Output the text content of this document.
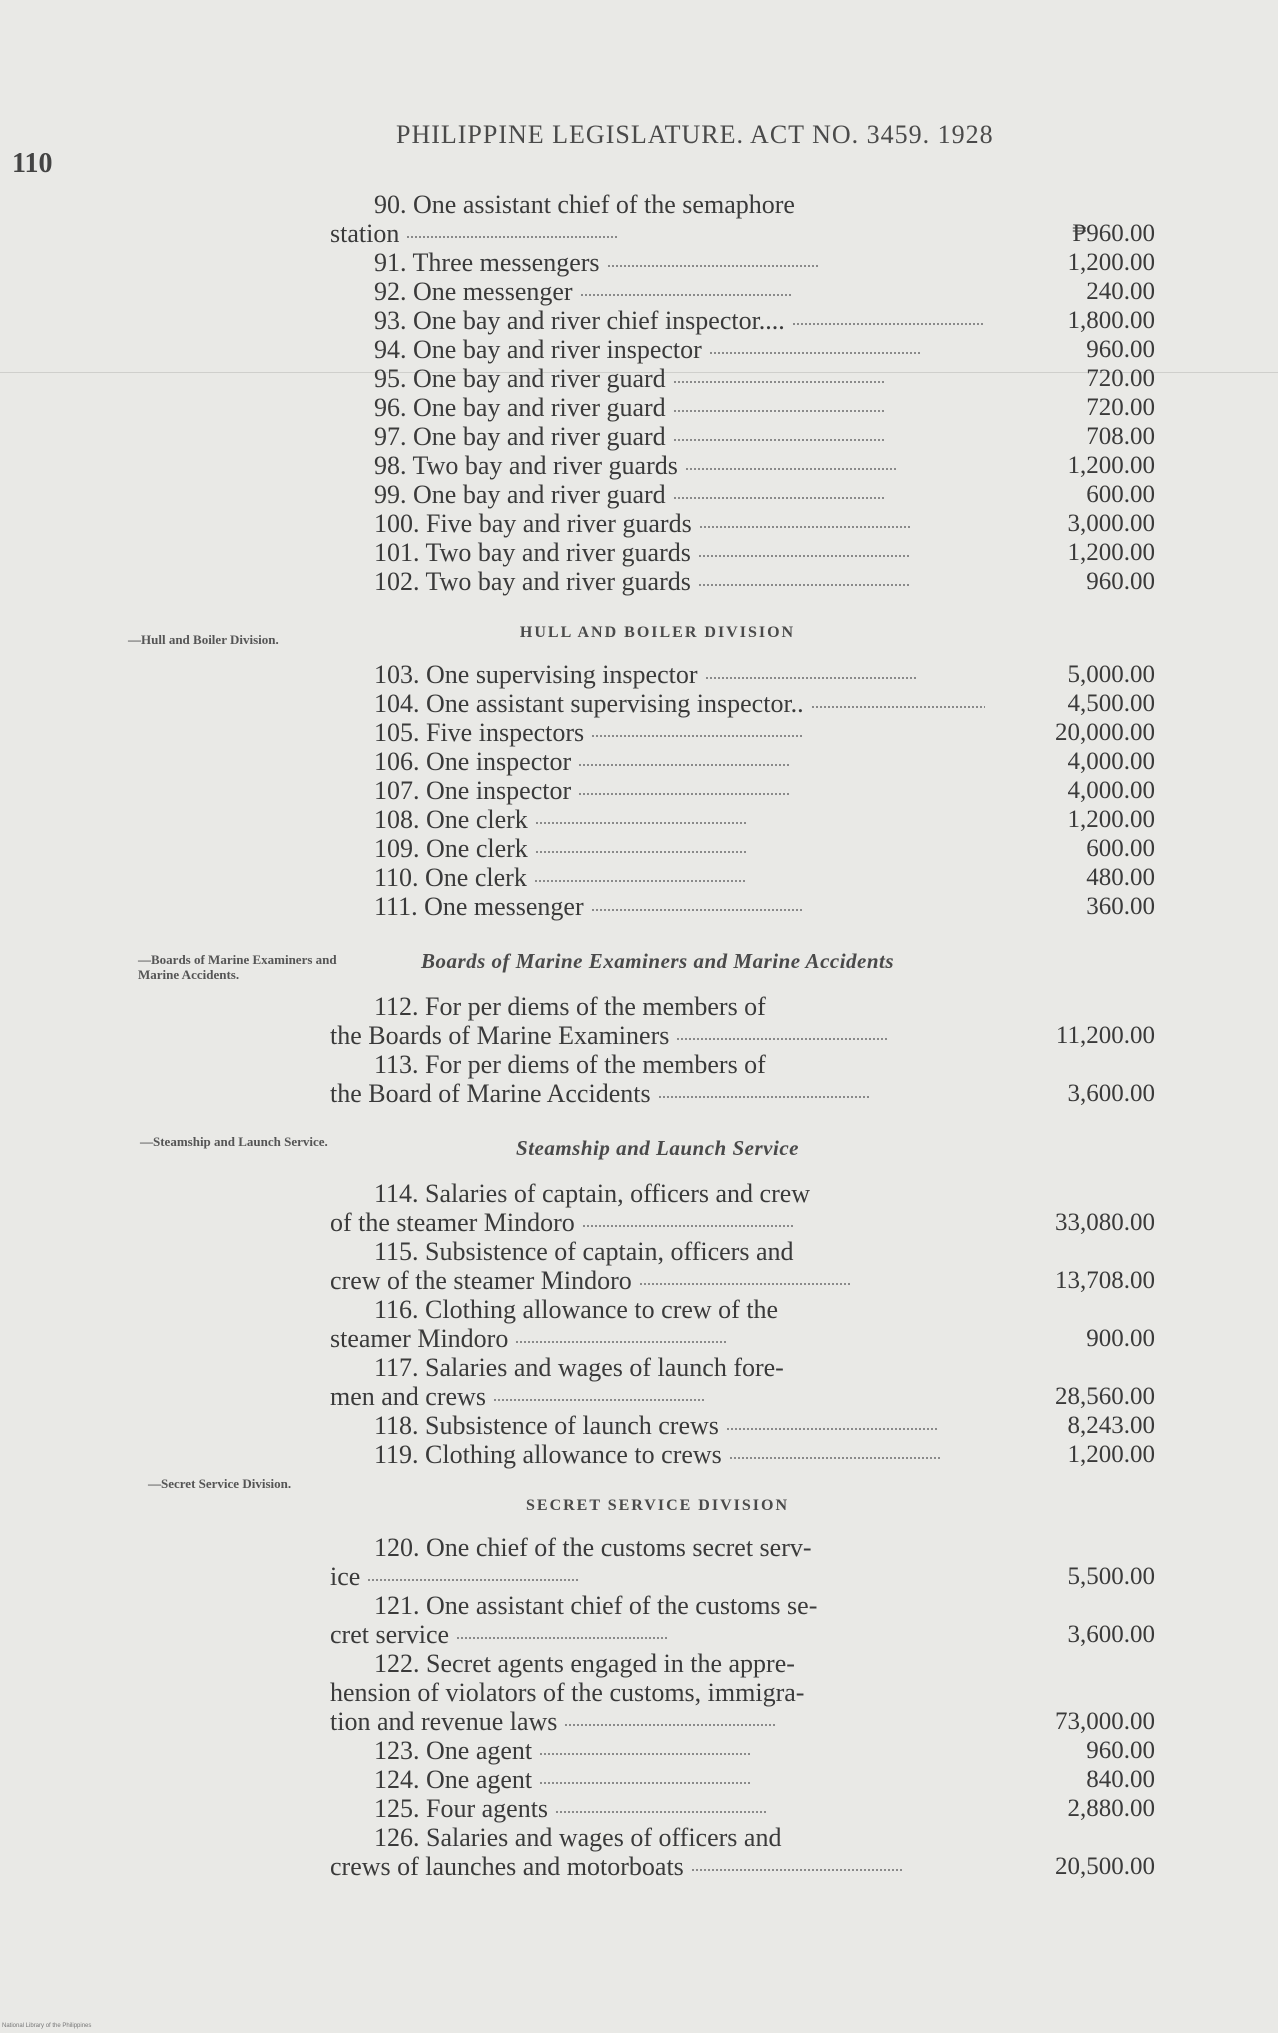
110
PHILIPPINE LEGISLATURE. ACT NO. 3459. 1928
—Hull and Boiler Division.
—Boards of Marine Examiners and Marine Accidents.
—Steamship and Launch Service.
—Secret Service Division.
90. One assistant chief of the semaphore
station	₱960.00
91. Three messengers	1,200.00
92. One messenger	240.00
93. One bay and river chief inspector....	1,800.00
94. One bay and river inspector	960.00
95. One bay and river guard	720.00
96. One bay and river guard	720.00
97. One bay and river guard	708.00
98. Two bay and river guards	1,200.00
99. One bay and river guard	600.00
100. Five bay and river guards	3,000.00
101. Two bay and river guards	1,200.00
102. Two bay and river guards	960.00
HULL AND BOILER DIVISION
103. One supervising inspector	5,000.00
104. One assistant supervising inspector..	4,500.00
105. Five inspectors	20,000.00
106. One inspector	4,000.00
107. One inspector	4,000.00
108. One clerk	1,200.00
109. One clerk	600.00
110. One clerk	480.00
111. One messenger	360.00
Boards of Marine Examiners and Marine Accidents
112. For per diems of the members of
the Boards of Marine Examiners	11,200.00
113. For per diems of the members of
the Board of Marine Accidents	3,600.00
Steamship and Launch Service
114. Salaries of captain, officers and crew
of the steamer Mindoro	33,080.00
115. Subsistence of captain, officers and
crew of the steamer Mindoro	13,708.00
116. Clothing allowance to crew of the
steamer Mindoro	900.00
117. Salaries and wages of launch fore-
men and crews	28,560.00
118. Subsistence of launch crews	8,243.00
119. Clothing allowance to crews	1,200.00
SECRET SERVICE DIVISION
120. One chief of the customs secret serv-
ice	5,500.00
121. One assistant chief of the customs se-
cret service	3,600.00
122. Secret agents engaged in the appre-
hension of violators of the customs, immigra-
tion and revenue laws	73,000.00
123. One agent	960.00
124. One agent	840.00
125. Four agents	2,880.00
126. Salaries and wages of officers and
crews of launches and motorboats	20,500.00
National Library of the Philippines
